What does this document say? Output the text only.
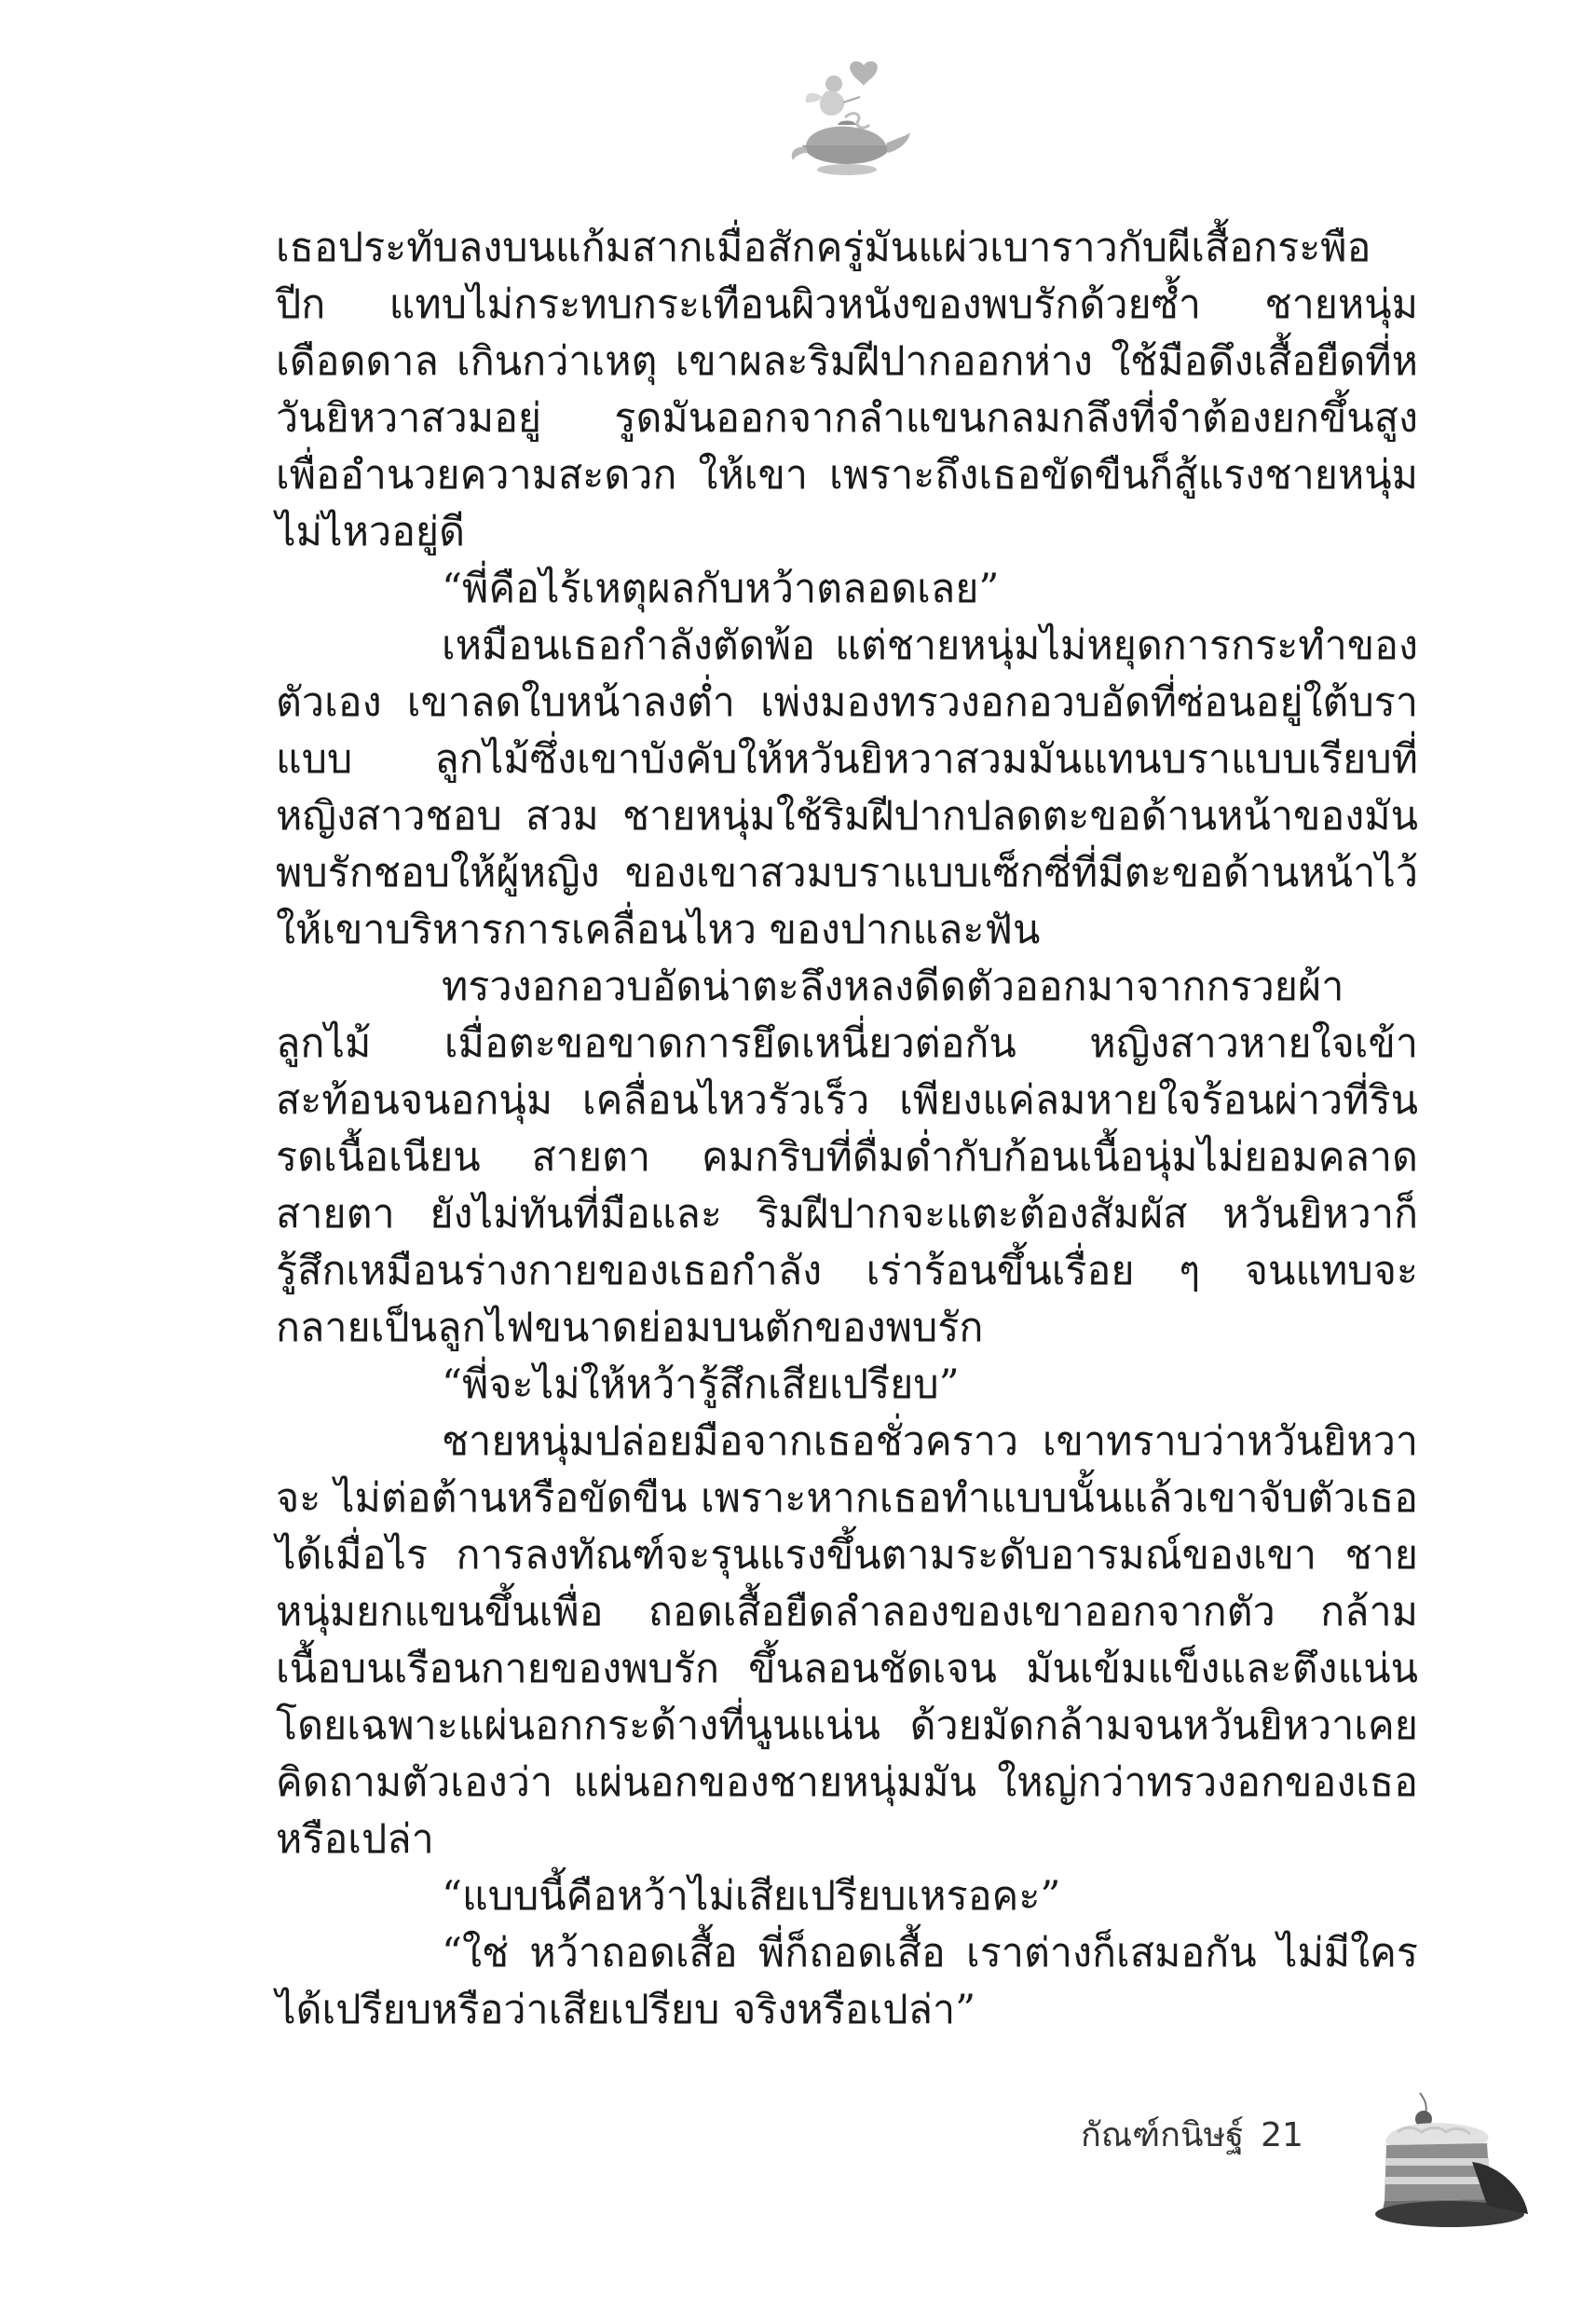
เธอประทับลงบนแก้มสากเมื่อสักครู่มันแผ่วเบาราวกับผีเสื้อกระพือปีก แทบไม่กระทบกระเทือนผิวหนังของพบรักด้วยซ้ำ ชายหนุ่มเดือดดาล เกินกว่าเหตุ เขาผละริมฝีปากออกห่าง ใช้มือดึงเสื้อยืดที่หวันยิหวาสวมอยู่ รูดมันออกจากลำแขนกลมกลึงที่จำต้องยกขึ้นสูงเพื่ออำนวยความสะดวก ให้เขา เพราะถึงเธอขัดขืนก็สู้แรงชายหนุ่มไม่ไหวอยู่ดี

“พี่คือไร้เหตุผลกับหว้าตลอดเลย”

เหมือนเธอกำลังตัดพ้อ แต่ชายหนุ่มไม่หยุดการกระทำของ ตัวเอง เขาลดใบหน้าลงต่ำ เพ่งมองทรวงอกอวบอัดที่ซ่อนอยู่ใต้บราแบบ ลูกไม้ซึ่งเขาบังคับให้หวันยิหวาสวมมันแทนบราแบบเรียบที่หญิงสาวชอบ สวม ชายหนุ่มใช้ริมฝีปากปลดตะขอด้านหน้าของมัน พบรักชอบให้ผู้หญิง ของเขาสวมบราแบบเซ็กซี่ที่มีตะขอด้านหน้าไว้ให้เขาบริหารการเคลื่อนไหว ของปากและฟัน

ทรวงอกอวบอัดน่าตะลึงหลงดีดตัวออกมาจากกรวยผ้าลูกไม้ เมื่อตะขอขาดการยึดเหนี่ยวต่อกัน หญิงสาวหายใจเข้าสะท้อนจนอกนุ่ม เคลื่อนไหวรัวเร็ว เพียงแค่ลมหายใจร้อนผ่าวที่รินรดเนื้อเนียน สายตา คมกริบที่ดื่มด่ำกับก้อนเนื้อนุ่มไม่ยอมคลาดสายตา ยังไม่ทันที่มือและ ริมฝีปากจะแตะต้องสัมผัส หวันยิหวาก็รู้สึกเหมือนร่างกายของเธอกำลัง เร่าร้อนขึ้นเรื่อย ๆ จนแทบจะกลายเป็นลูกไฟขนาดย่อมบนตักของพบรัก

“พี่จะไม่ให้หว้ารู้สึกเสียเปรียบ”

ชายหนุ่มปล่อยมือจากเธอชั่วคราว เขาทราบว่าหวันยิหวาจะ ไม่ต่อต้านหรือขัดขืน เพราะหากเธอทำแบบนั้นแล้วเขาจับตัวเธอได้เมื่อไร การลงทัณฑ์จะรุนแรงขึ้นตามระดับอารมณ์ของเขา ชายหนุ่มยกแขนขึ้นเพื่อ ถอดเสื้อยืดลำลองของเขาออกจากตัว กล้ามเนื้อบนเรือนกายของพบรัก ขึ้นลอนชัดเจน มันเข้มแข็งและตึงแน่น โดยเฉพาะแผ่นอกกระด้างที่นูนแน่น ด้วยมัดกล้ามจนหวันยิหวาเคยคิดถามตัวเองว่า แผ่นอกของชายหนุ่มมัน ใหญ่กว่าทรวงอกของเธอหรือเปล่า

“แบบนี้คือหว้าไม่เสียเปรียบเหรอคะ”

“ใช่ หว้าถอดเสื้อ พี่ก็ถอดเสื้อ เราต่างก็เสมอกัน ไม่มีใคร ได้เปรียบหรือว่าเสียเปรียบ จริงหรือเปล่า”

กัณฑ์กนิษฐ์ 21
